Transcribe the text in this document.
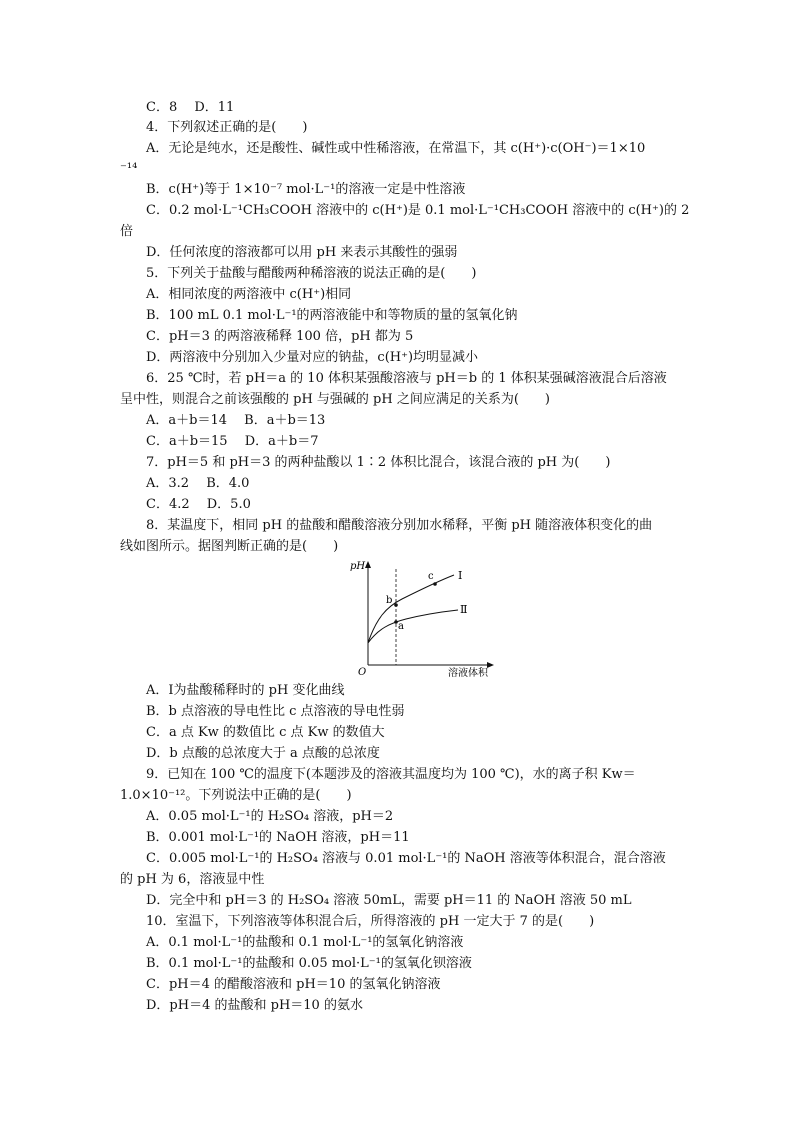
C．8　 D．11
4．下列叙述正确的是(　　)
A．无论是纯水，还是酸性、碱性或中性稀溶液，在常温下，其 c(H⁺)·c(OH⁻)＝1×10
⁻¹⁴
B．c(H⁺)等于 1×10⁻⁷ mol·L⁻¹的溶液一定是中性溶液
C．0.2 mol·L⁻¹CH₃COOH 溶液中的 c(H⁺)是 0.1 mol·L⁻¹CH₃COOH 溶液中的 c(H⁺)的 2
倍
D．任何浓度的溶液都可以用 pH 来表示其酸性的强弱
5．下列关于盐酸与醋酸两种稀溶液的说法正确的是(　　)
A．相同浓度的两溶液中 c(H⁺)相同
B．100 mL 0.1 mol·L⁻¹的两溶液能中和等物质的量的氢氧化钠
C．pH＝3 的两溶液稀释 100 倍，pH 都为 5
D．两溶液中分别加入少量对应的钠盐，c(H⁺)均明显减小
6．25 ℃时，若 pH＝a 的 10 体积某强酸溶液与 pH＝b 的 1 体积某强碱溶液混合后溶液
呈中性，则混合之前该强酸的 pH 与强碱的 pH 之间应满足的关系为(　　)
A．a＋b＝14　 B．a＋b＝13
C．a＋b＝15　 D．a＋b＝7
7．pH＝5 和 pH＝3 的两种盐酸以 1∶2 体积比混合，该混合液的 pH 为(　　)
A．3.2　 B．4.0
C．4.2　 D．5.0
8．某温度下，相同 pH 的盐酸和醋酸溶液分别加水稀释，平衡 pH 随溶液体积变化的曲
线如图所示。据图判断正确的是(　　)
A．Ⅰ为盐酸稀释时的 pH 变化曲线
B．b 点溶液的导电性比 c 点溶液的导电性弱
C．a 点 Kw 的数值比 c 点 Kw 的数值大
D．b 点酸的总浓度大于 a 点酸的总浓度
9．已知在 100 ℃的温度下(本题涉及的溶液其温度均为 100 ℃)，水的离子积 Kw＝
1.0×10⁻¹²。下列说法中正确的是(　　)
A．0.05 mol·L⁻¹的 H₂SO₄ 溶液，pH＝2
B．0.001 mol·L⁻¹的 NaOH 溶液，pH＝11
C．0.005 mol·L⁻¹的 H₂SO₄ 溶液与 0.01 mol·L⁻¹的 NaOH 溶液等体积混合，混合溶液
的 pH 为 6，溶液显中性
D．完全中和 pH＝3 的 H₂SO₄ 溶液 50mL，需要 pH＝11 的 NaOH 溶液 50 mL
10．室温下，下列溶液等体积混合后，所得溶液的 pH 一定大于 7 的是(　　)
A．0.1 mol·L⁻¹的盐酸和 0.1 mol·L⁻¹的氢氧化钠溶液
B．0.1 mol·L⁻¹的盐酸和 0.05 mol·L⁻¹的氢氧化钡溶液
C．pH＝4 的醋酸溶液和 pH＝10 的氢氧化钠溶液
D．pH＝4 的盐酸和 pH＝10 的氨水
pH
O	溶液体积
Ⅰ
Ⅱ
a
b
c
